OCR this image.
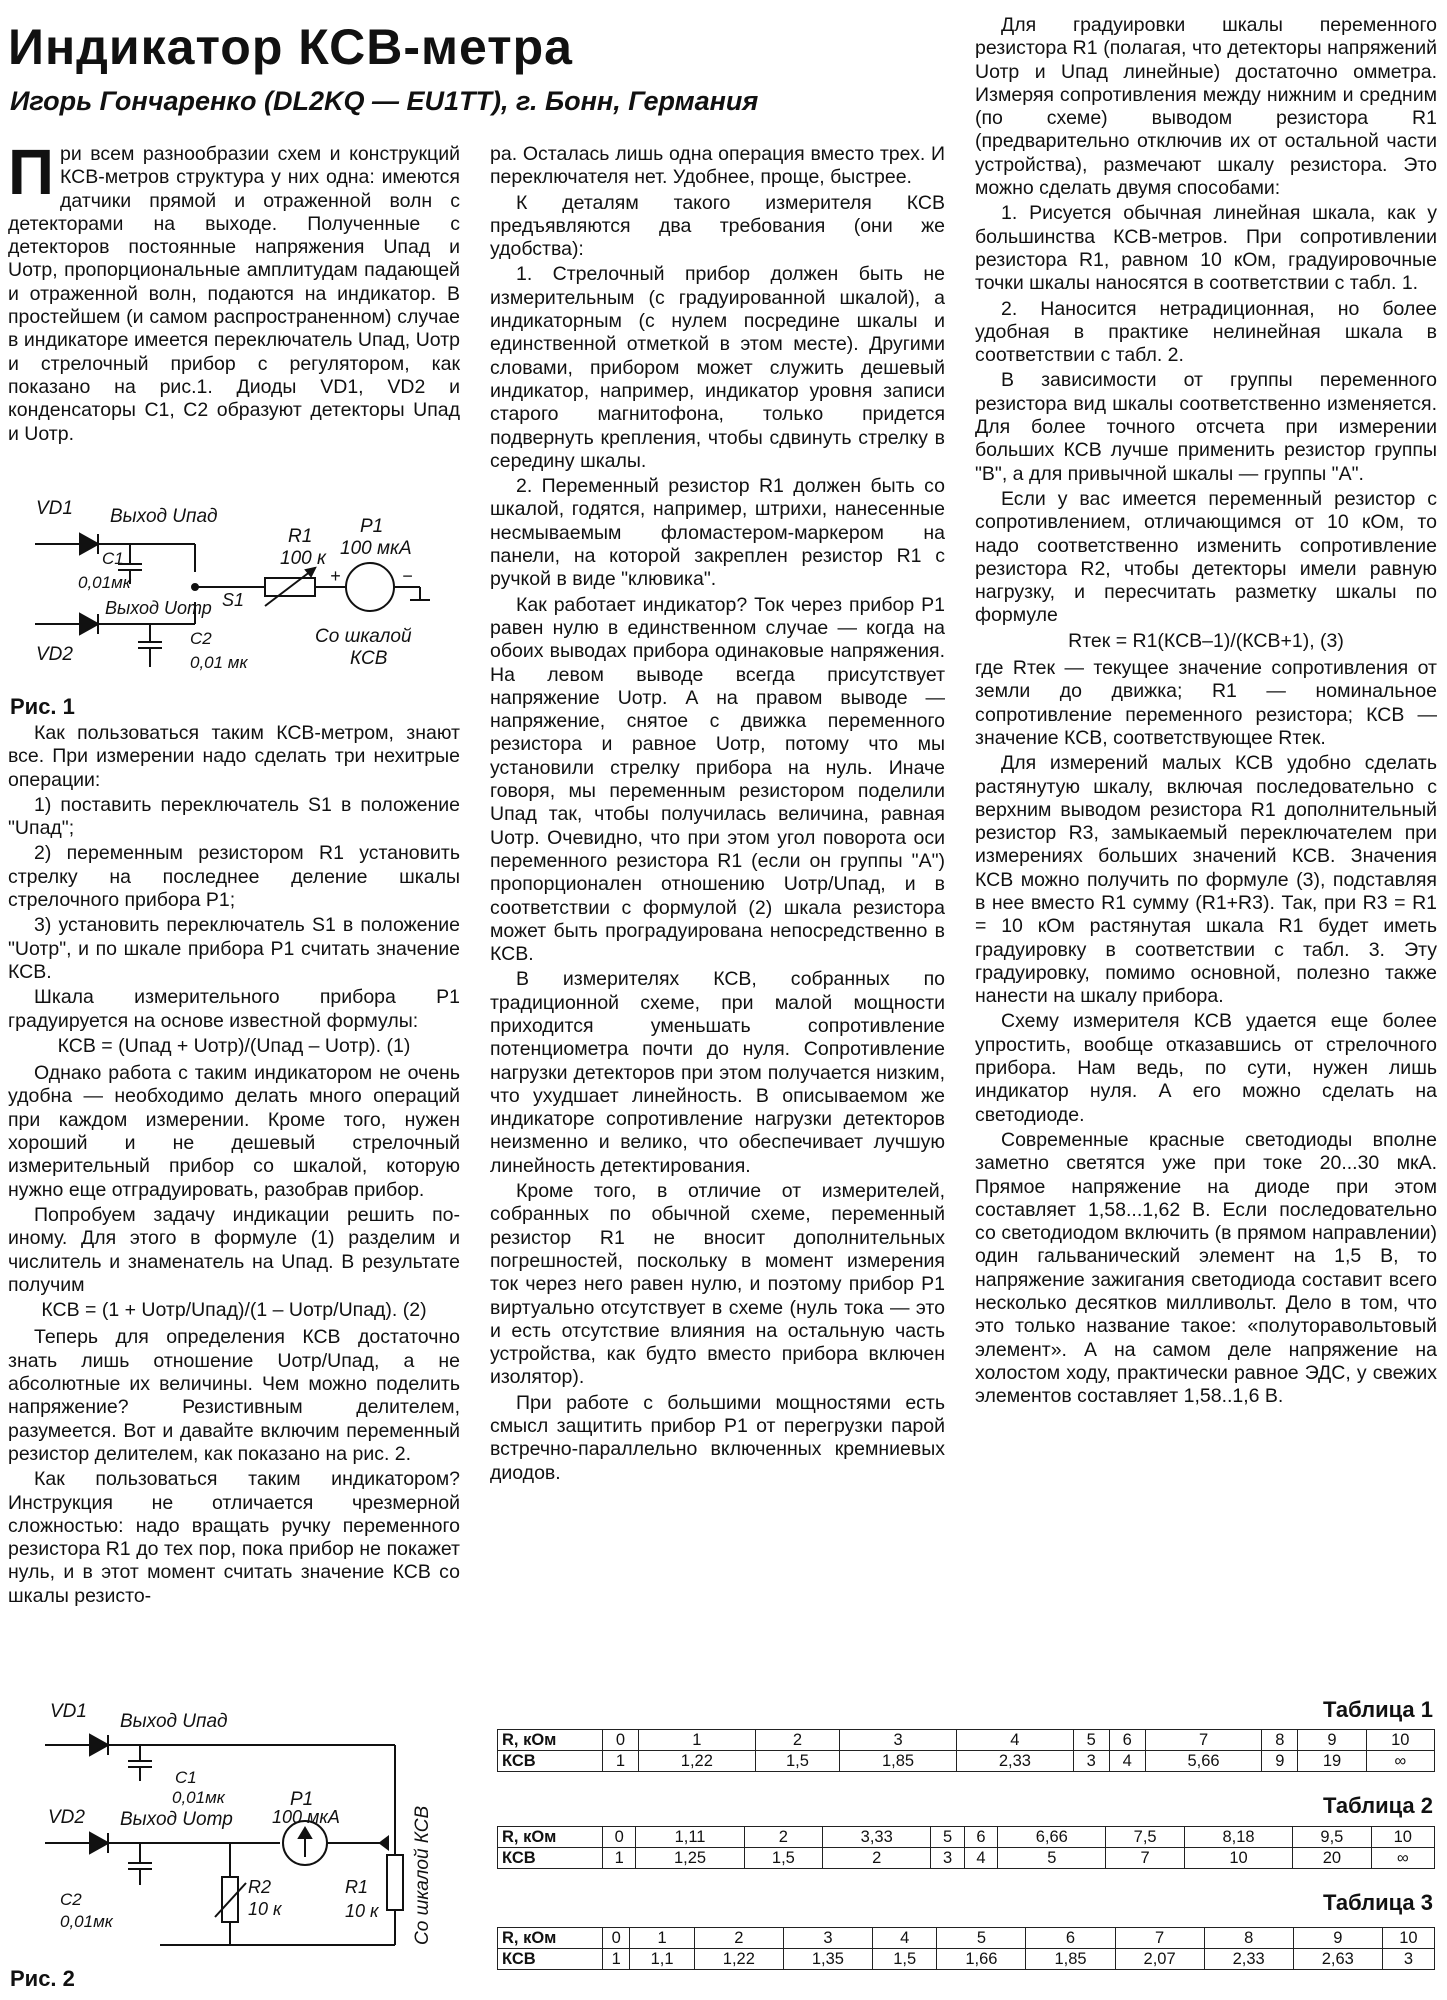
Индикатор КСВ-метра
Игорь Гончаренко (DL2KQ — EU1TT), г. Бонн, Германия

При всем разнообразии схем и конструкций КСВ-метров структура у них одна: имеются датчики прямой и отраженной волн с детекторами на выходе. Полученные с детекторов постоянные напряжения Uпад и Uотр, пропорциональные амплитудам падающей и отраженной волн, подаются на индикатор. В простейшем (и самом распространенном) случае в индикаторе имеется переключатель Uпад, Uотр и стрелочный прибор с регулятором, как показано на рис.1. Диоды VD1, VD2 и конденсаторы C1, C2 образуют детекторы Uпад и Uотр.

Как пользоваться таким КСВ-метром, знают все. При измерении надо сделать три нехитрые операции:

1) поставить переключатель S1 в положение "Uпад";

2) переменным резистором R1 установить стрелку на последнее деление шкалы стрелочного прибора P1;

3) установить переключатель S1 в положение "Uотр", и по шкале прибора P1 считать значение КСВ.

Шкала измерительного прибора P1 градуируется на основе известной формулы:

КСВ = (Uпад + Uотр)/(Uпад – Uотр). (1)

Однако работа с таким индикатором не очень удобна — необходимо делать много операций при каждом измерении. Кроме того, нужен хороший и не дешевый стрелочный измерительный прибор со шкалой, которую нужно еще отградуировать, разобрав прибор.

Попробуем задачу индикации решить по-иному. Для этого в формуле (1) разделим и числитель и знаменатель на Uпад. В результате получим

КСВ = (1 + Uотр/Uпад)/(1 – Uотр/Uпад). (2)

Теперь для определения КСВ достаточно знать лишь отношение Uотр/Uпад, а не абсолютные их величины. Чем можно поделить напряжение? Резистивным делителем, разумеется. Вот и давайте включим переменный резистор делителем, как показано на рис. 2.

Как пользоваться таким индикатором? Инструкция не отличается чрезмерной сложностью: надо вращать ручку переменного резистора R1 до тех пор, пока прибор не покажет нуль, и в этот момент считать значение КСВ со шкалы резисто-

ра. Осталась лишь одна операция вместо трех. И переключателя нет. Удобнее, проще, быстрее.

К деталям такого измерителя КСВ предъявляются два требования (они же удобства):

1. Стрелочный прибор должен быть не измерительным (с градуированной шкалой), а индикаторным (с нулем посредине шкалы и единственной отметкой в этом месте). Другими словами, прибором может служить дешевый индикатор, например, индикатор уровня записи старого магнитофона, только придется подвернуть крепления, чтобы сдвинуть стрелку в середину шкалы.

2. Переменный резистор R1 должен быть со шкалой, годятся, например, штрихи, нанесенные несмываемым фломастером-маркером на панели, на которой закреплен резистор R1 с ручкой в виде "клювика".

Как работает индикатор? Ток через прибор P1 равен нулю в единственном случае — когда на обоих выводах прибора одинаковые напряжения. На левом выводе всегда присутствует напряжение Uотр. А на правом выводе — напряжение, снятое с движка переменного резистора и равное Uотр, потому что мы установили стрелку прибора на нуль. Иначе говоря, мы переменным резистором поделили Uпад так, чтобы получилась величина, равная Uотр. Очевидно, что при этом угол поворота оси переменного резистора R1 (если он группы "А") пропорционален отношению Uотр/Uпад, и в соответствии с формулой (2) шкала резистора может быть проградуирована непосредственно в КСВ.

В измерителях КСВ, собранных по традиционной схеме, при малой мощности приходится уменьшать сопротивление потенциометра почти до нуля. Сопротивление нагрузки детекторов при этом получается низким, что ухудшает линейность. В описываемом же индикаторе сопротивление нагрузки детекторов неизменно и велико, что обеспечивает лучшую линейность детектирования.

Кроме того, в отличие от измерителей, собранных по обычной схеме, переменный резистор R1 не вносит дополнительных погрешностей, поскольку в момент измерения ток через него равен нулю, и поэтому прибор P1 виртуально отсутствует в схеме (нуль тока — это и есть отсутствие влияния на остальную часть устройства, как будто вместо прибора включен изолятор).

При работе с большими мощностями есть смысл защитить прибор P1 от перегрузки парой встречно-параллельно включенных кремниевых диодов.

Для градуировки шкалы переменного резистора R1 (полагая, что детекторы напряжений Uотр и Uпад линейные) достаточно омметра. Измеряя сопротивления между нижним и средним (по схеме) выводом резистора R1 (предварительно отключив их от остальной части устройства), размечают шкалу резистора. Это можно сделать двумя способами:

1. Рисуется обычная линейная шкала, как у большинства КСВ-метров. При сопротивлении резистора R1, равном 10 кОм, градуировочные точки шкалы наносятся в соответствии с табл. 1.

2. Наносится нетрадиционная, но более удобная в практике нелинейная шкала в соответствии с табл. 2.

В зависимости от группы переменного резистора вид шкалы соответственно изменяется. Для более точного отсчета при измерении больших КСВ лучше применить резистор группы "В", а для привычной шкалы — группы "А".

Если у вас имеется переменный резистор с сопротивлением, отличающимся от 10 кОм, то надо соответственно изменить сопротивление резистора R2, чтобы детекторы имели равную нагрузку, и пересчитать разметку шкалы по формуле

Rтек = R1(КСВ–1)/(КСВ+1), (3)

где Rтек — текущее значение сопротивления от земли до движка; R1 — номинальное сопротивление переменного резистора; КСВ — значение КСВ, соответствующее Rтек.

Для измерений малых КСВ удобно сделать растянутую шкалу, включая последовательно с верхним выводом резистора R1 дополнительный резистор R3, замыкаемый переключателем при измерениях больших значений КСВ. Значения КСВ можно получить по формуле (3), подставляя в нее вместо R1 сумму (R1+R3). Так, при R3 = R1 = 10 кОм растянутая шкала R1 будет иметь градуировку в соответствии с табл. 3. Эту градуировку, помимо основной, полезно также нанести на шкалу прибора.

Схему измерителя КСВ удается еще более упростить, вообще отказавшись от стрелочного прибора. Нам ведь, по сути, нужен лишь индикатор нуля. А его можно сделать на светодиоде.

Современные красные светодиоды вполне заметно светятся уже при токе 20...30 мкА. Прямое напряжение на диоде при этом составляет 1,58...1,62 В. Если последовательно со светодиодом включить (в прямом направлении) один гальванический элемент на 1,5 В, то напряжение зажигания светодиода составит всего несколько десятков милливольт. Дело в том, что это только название такое: «полуторавольтовый элемент». А на самом деле напряжение на холостом ходу, практически равное ЭДС, у свежих элементов составляет 1,58..1,6 В.

VD1 Выход Uпад
C1
0,01мк
Выход Uотр S1
R1
100 к
P1
100 мкА
+	−
Со шкалой
КСВ
VD2
C2
0,01 мк
Рис. 1
VD1 Выход Uпад
C1
0,01мк
VD2 Выход Uотр
P1
100 мкА
C2
0,01мк
R2
10 к
R1
10 к Со шкалой КСВ
Рис. 2
Таблица 1
R, кОм	0	1	2	3	4	5	6	7	8	9	10
КСВ	1	1,22	1,5	1,85	2,33	3	4	5,66	9	19	∞
Таблица 2
R, кОм	0	1,11	2	3,33	5	6	6,66	7,5	8,18	9,5	10
КСВ	1	1,25	1,5	2	3	4	5	7	10	20	∞
Таблица 3
R, кОм	0	1	2	3	4	5	6	7	8	9	10
КСВ	1	1,1	1,22	1,35	1,5	1,66	1,85	2,07	2,33	2,63	3
